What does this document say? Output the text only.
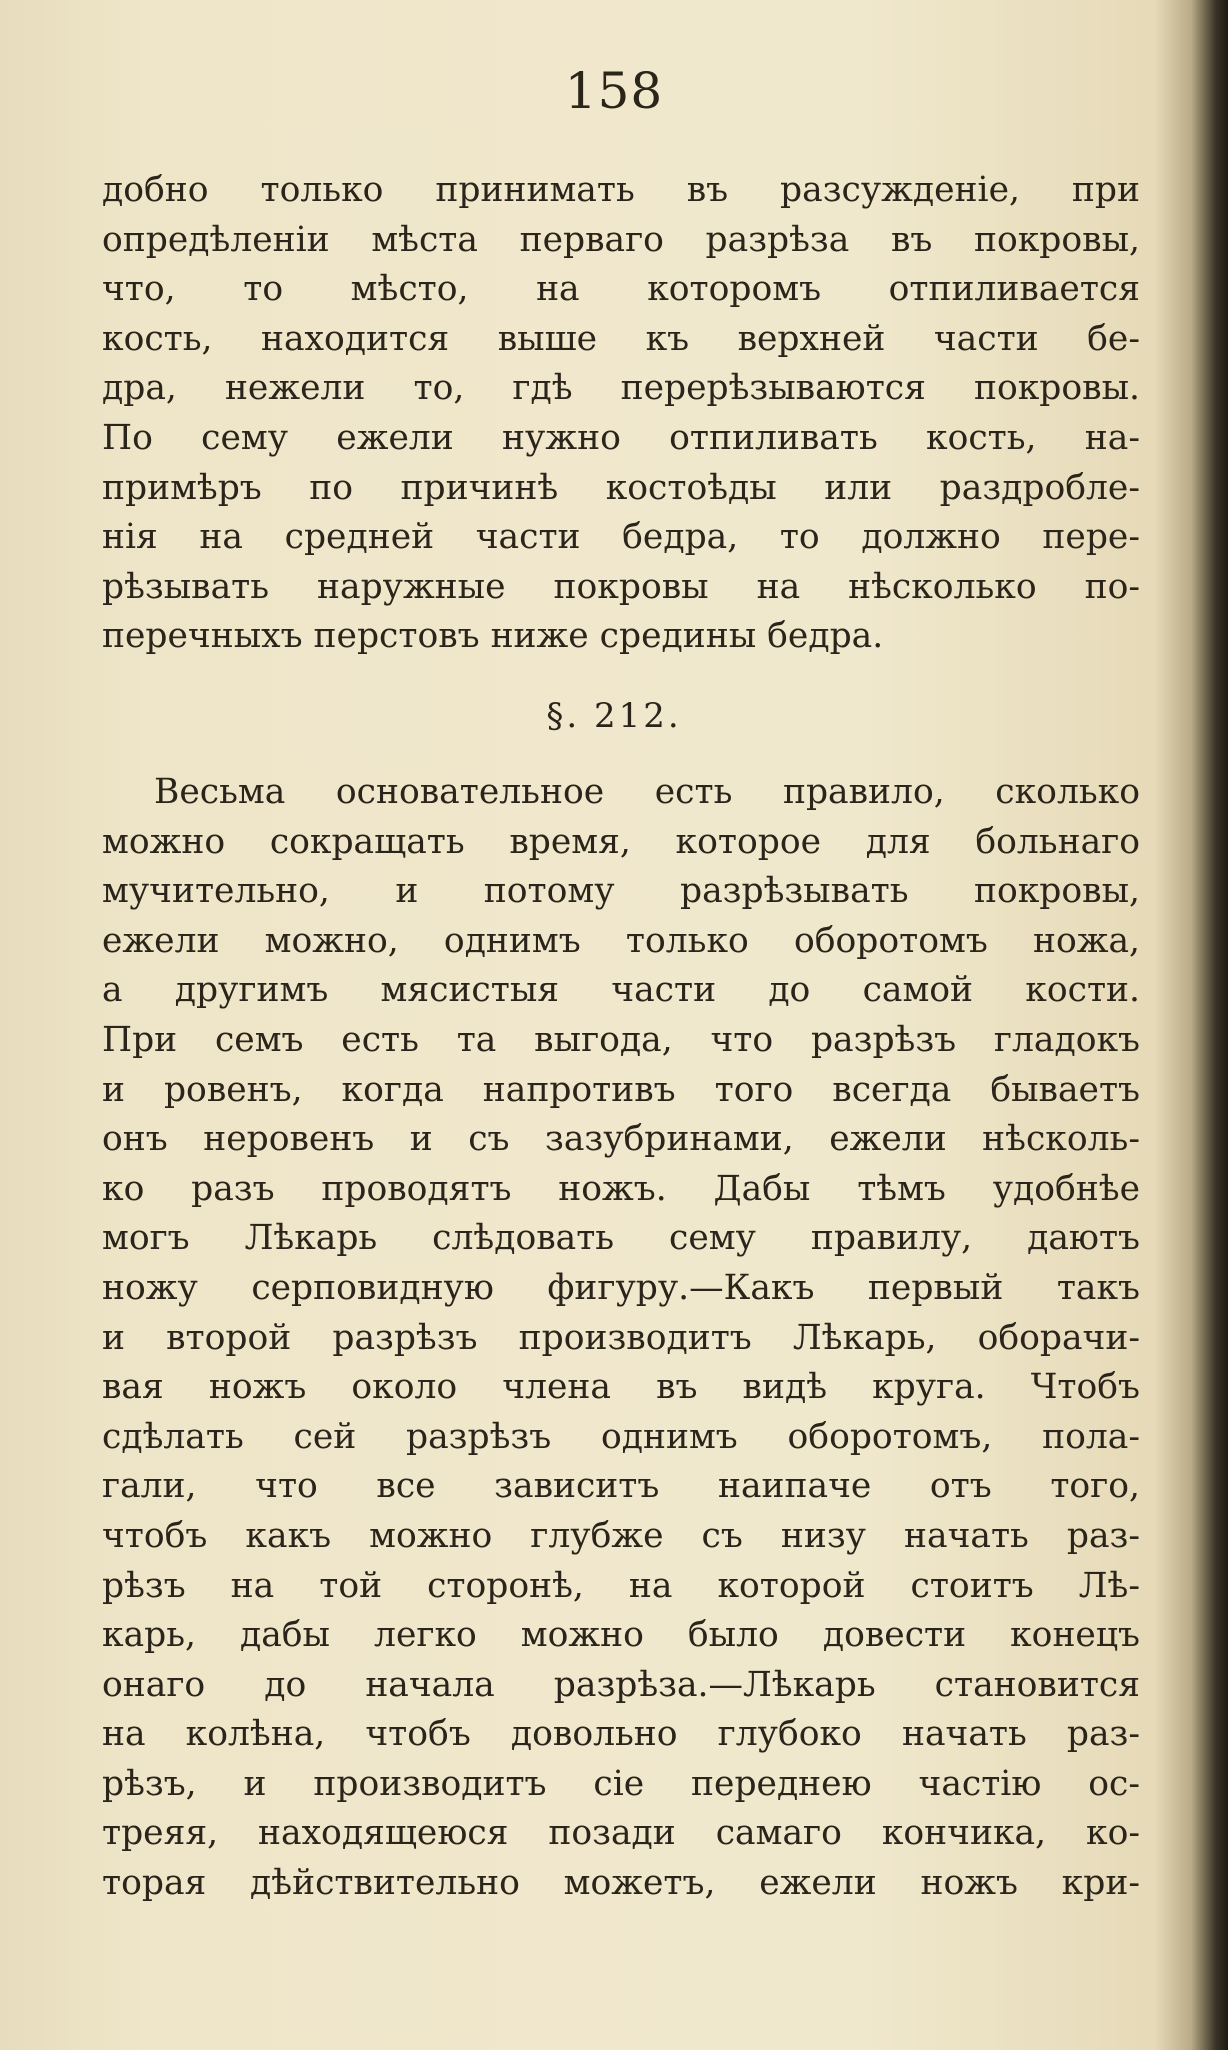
158
добно только принимать въ разсужденіе, при
опредѣленіи мѣста перваго разрѣза въ покровы,
что, то мѣсто, на которомъ отпиливается
кость, находится выше къ верхней части бе-
дра, нежели то, гдѣ перерѣзываются покровы.
По сему ежели нужно отпиливать кость, на-
примѣръ по причинѣ костоѣды или раздробле-
нія на средней части бедра, то должно пере-
рѣзывать наружные покровы на нѣсколько по-
перечныхъ перстовъ ниже средины бедра.
§. 212.
Весьма основательное есть правило, сколько
можно сокращать время, которое для больнаго
мучительно, и потому разрѣзывать покровы,
ежели можно, однимъ только оборотомъ ножа,
а другимъ мясистыя части до самой кости.
При семъ есть та выгода, что разрѣзъ гладокъ
и ровенъ, когда напротивъ того всегда бываетъ
онъ неровенъ и съ зазубринами, ежели нѣсколь-
ко разъ проводятъ ножъ. Дабы тѣмъ удобнѣе
могъ Лѣкарь слѣдовать сему правилу, даютъ
ножу серповидную фигуру.—Какъ первый такъ
и второй разрѣзъ производитъ Лѣкарь, оборачи-
вая ножъ около члена въ видѣ круга. Чтобъ
сдѣлать сей разрѣзъ однимъ оборотомъ, пола-
гали, что все зависитъ наипаче отъ того,
чтобъ какъ можно глубже съ низу начать раз-
рѣзъ на той сторонѣ, на которой стоитъ Лѣ-
карь, дабы легко можно было довести конецъ
онаго до начала разрѣза.—Лѣкарь становится
на колѣна, чтобъ довольно глубоко начать раз-
рѣзъ, и производитъ сіе переднею частію ос-
треяя, находящеюся позади самаго кончика, ко-
торая дѣйствительно можетъ, ежели ножъ кри-
